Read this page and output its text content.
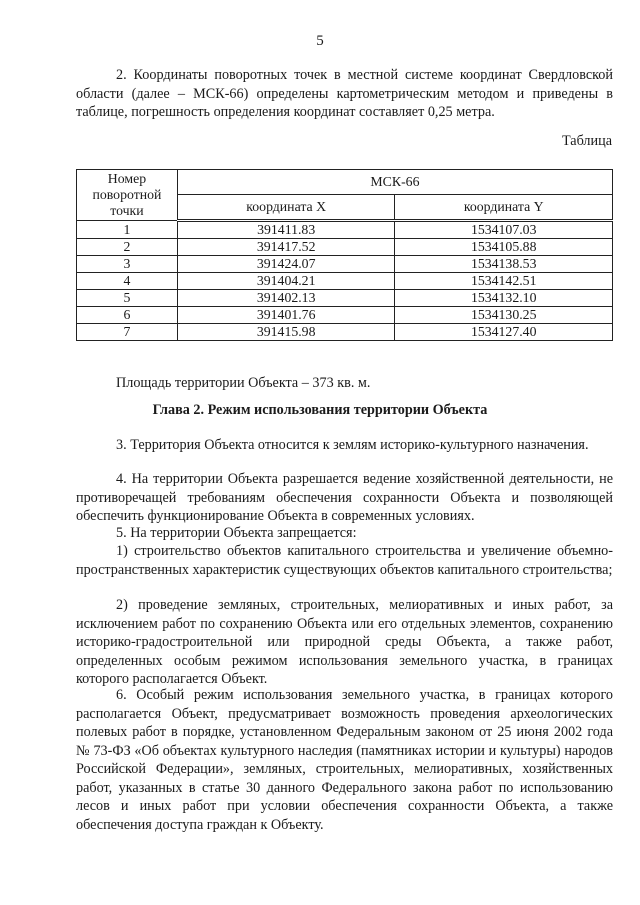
5

2. Координаты поворотных точек в местной системе координат Свердловской области (далее – МСК-66) определены картометрическим методом и приведены в таблице, погрешность определения координат составляет 0,25 метра.

Таблица
Номер поворотной точки	МСК-66	
	координата X	координата Y
1	391411.83	1534107.03
2	391417.52	1534105.88
3	391424.07	1534138.53
4	391404.21	1534142.51
5	391402.13	1534132.10
6	391401.76	1534130.25
7	391415.98	1534127.40

Площадь территории Объекта – 373 кв. м.

Глава 2. Режим использования территории Объекта

3. Территория Объекта относится к землям историко-культурного назначения.

4. На территории Объекта разрешается ведение хозяйственной деятельности, не противоречащей требованиям обеспечения сохранности Объекта и позволяющей обеспечить функционирование Объекта в современных условиях.

5. На территории Объекта запрещается:

1) строительство объектов капитального строительства и увеличение объемно-пространственных характеристик существующих объектов капитального строительства;

2) проведение земляных, строительных, мелиоративных и иных работ, за исключением работ по сохранению Объекта или его отдельных элементов, сохранению историко-градостроительной или природной среды Объекта, а также работ, определенных особым режимом использования земельного участка, в границах которого располагается Объект.

6. Особый режим использования земельного участка, в границах которого располагается Объект, предусматривает возможность проведения археологических полевых работ в порядке, установленном Федеральным законом от 25 июня 2002 года № 73-ФЗ «Об объектах культурного наследия (памятниках истории и культуры) народов Российской Федерации», земляных, строительных, мелиоративных, хозяйственных работ, указанных в статье 30 данного Федерального закона работ по использованию лесов и иных работ при условии обеспечения сохранности Объекта, а также обеспечения доступа граждан к Объекту.
